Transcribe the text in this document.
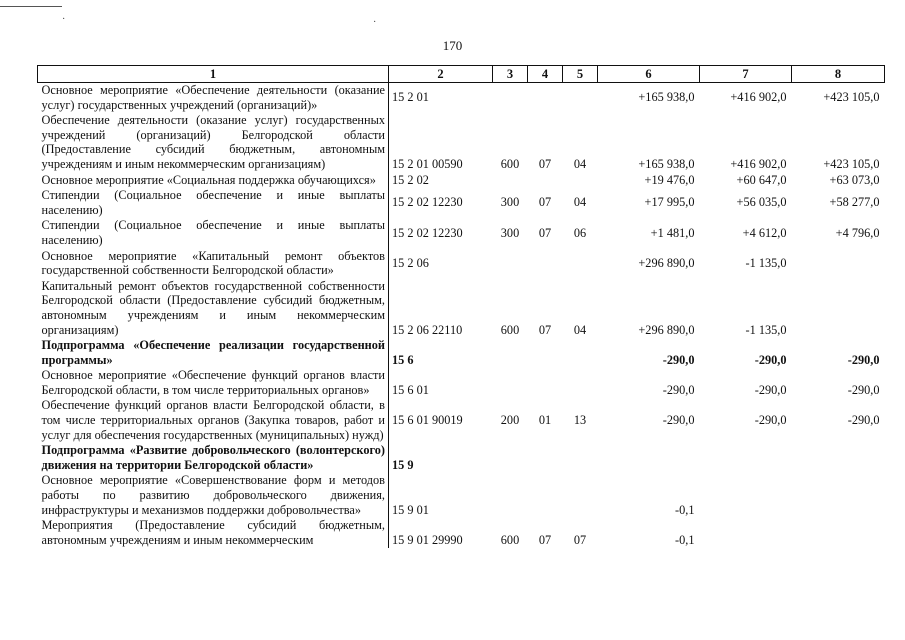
·	·
170
1	2	3	4	5	6	7	8
Основное мероприятие «Обеспечение деятельности (оказание услуг) государственных учреждений (организаций)»	15 2 01				+165 938,0	+416 902,0	+423 105,0
Обеспечение деятельности (оказание услуг) государственных учреждений (организаций) Белгородской области (Предоставление субсидий бюджетным, автономным учреждениям и иным некоммерческим организациям)	15 2 01 00590	600	07	04	+165 938,0	+416 902,0	+423 105,0
Основное мероприятие «Социальная поддержка обучающихся»	15 2 02				+19 476,0	+60 647,0	+63 073,0
Стипендии (Социальное обеспечение и иные выплаты населению)	15 2 02 12230	300	07	04	+17 995,0	+56 035,0	+58 277,0
Стипендии (Социальное обеспечение и иные выплаты населению)	15 2 02 12230	300	07	06	+1 481,0	+4 612,0	+4 796,0
Основное мероприятие «Капитальный ремонт объектов государственной собственности Белгородской области»	15 2 06				+296 890,0	-1 135,0	
Капитальный ремонт объектов государственной собственности Белгородской области (Предоставление субсидий бюджетным, автономным учреждениям и иным некоммерческим организациям)	15 2 06 22110	600	07	04	+296 890,0	-1 135,0	
Подпрограмма «Обеспечение реализации государственной программы»	15 6				-290,0	-290,0	-290,0
Основное мероприятие «Обеспечение функций органов власти Белгородской области, в том числе территориальных органов»	15 6 01				-290,0	-290,0	-290,0
Обеспечение функций органов власти Белгородской области, в том числе территориальных органов (Закупка товаров, работ и услуг для обеспечения государственных (муниципальных) нужд)	15 6 01 90019	200	01	13	-290,0	-290,0	-290,0
Подпрограмма «Развитие добровольческого (волонтерского) движения на территории Белгородской области»	15 9						
Основное мероприятие «Совершенствование форм и методов работы по развитию добровольческого движения, инфраструктуры и механизмов поддержки добровольчества»	15 9 01				-0,1		
Мероприятия (Предоставление субсидий бюджетным, автономным учреждениям и иным некоммерческим	15 9 01 29990	600	07	07	-0,1		
